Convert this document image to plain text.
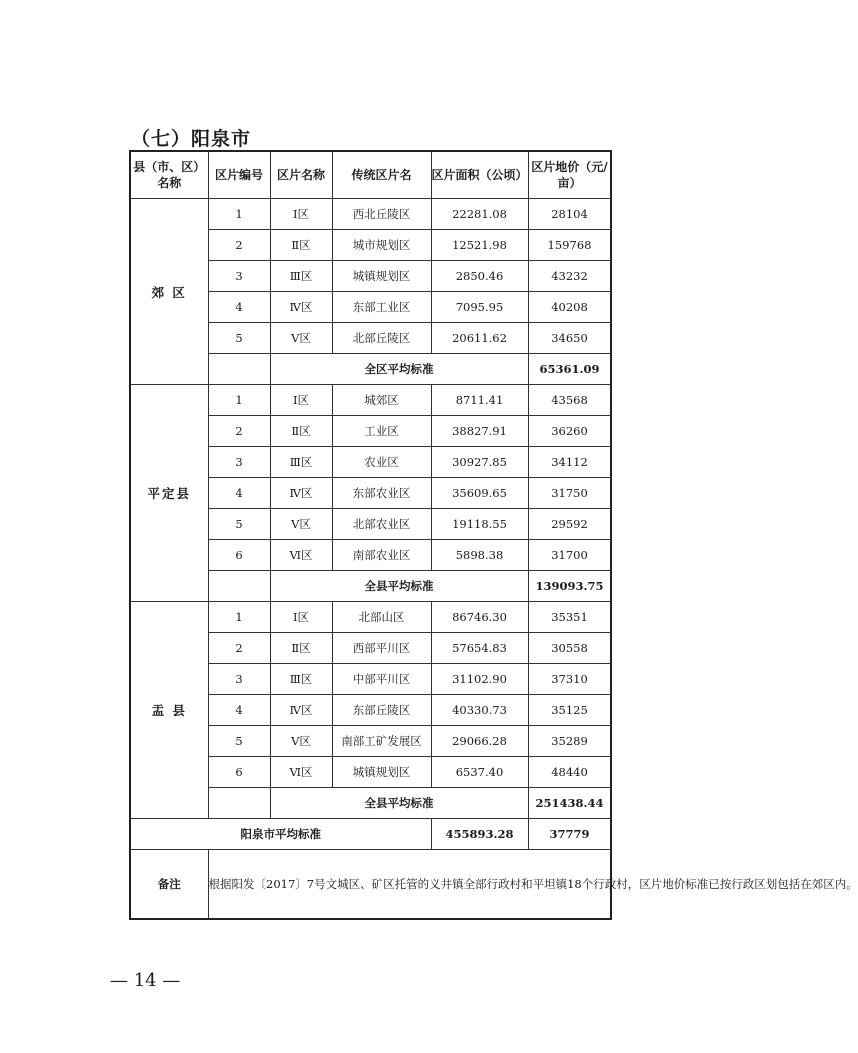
（七）阳泉市
县（市、区）名称	区片编号	区片名称	传统区片名	区片面积（公顷）	区片地价（元/亩）	
郊 区	1	Ⅰ区	西北丘陵区	22281.08	28104	
	2	Ⅱ区	城市规划区	12521.98	159768	
	3	Ⅲ区	城镇规划区	2850.46	43232	
	4	Ⅳ区	东部工业区	7095.95	40208	
	5	Ⅴ区	北部丘陵区	20611.62	34650	
		全区平均标准			65361.09	
平定县	1	Ⅰ区	城郊区	8711.41	43568	
	2	Ⅱ区	工业区	38827.91	36260	
	3	Ⅲ区	农业区	30927.85	34112	
	4	Ⅳ区	东部农业区	35609.65	31750	
	5	Ⅴ区	北部农业区	19118.55	29592	
	6	Ⅵ区	南部农业区	5898.38	31700	
		全县平均标准			139093.75	
盂 县	1	Ⅰ区	北部山区	86746.30	35351	
	2	Ⅱ区	西部平川区	57654.83	30558	
	3	Ⅲ区	中部平川区	31102.90	37310	
	4	Ⅳ区	东部丘陵区	40330.73	35125	
	5	Ⅴ区	南部工矿发展区	29066.28	35289	
	6	Ⅵ区	城镇规划区	6537.40	48440	
		全县平均标准			251438.44	
阳泉市平均标准				455893.28	37779	
备注	根据阳发〔2017〕7号文城区、矿区托管的义井镇全部行政村和平坦镇18个行政村，区片地价标准已按行政区划包括在郊区内。					
— 14 —
